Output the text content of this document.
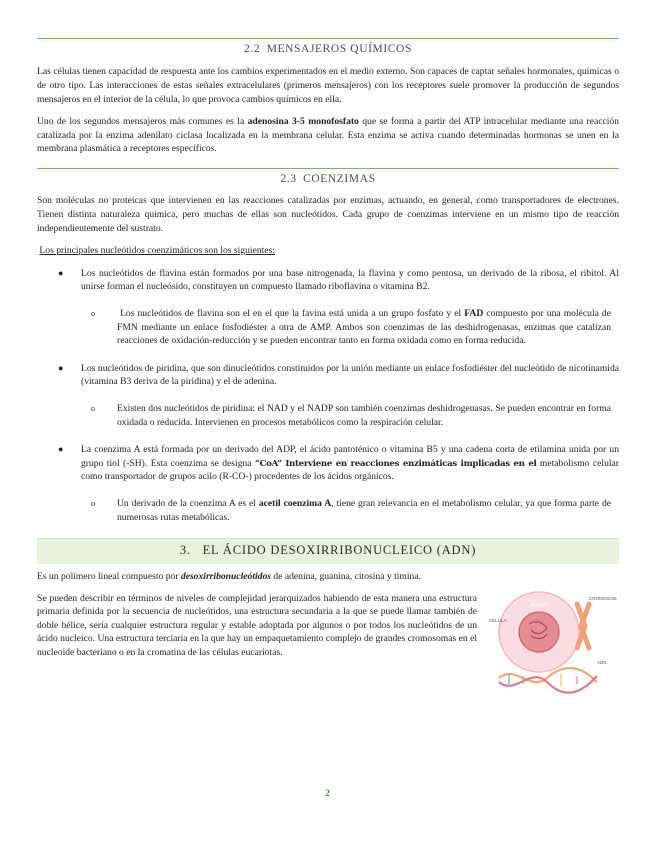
2.2 MENSAJEROS QUÍMICOS

Las células tienen capacidad de respuesta ante los cambios experimentados en el medio externo. Son capaces de captar señales hormonales, químicas o de otro tipo. Las interacciones de estas señales extracelulares (primeros mensajeros) con los receptores suele promover la producción de segundos mensajeros en el interior de la célula, lo que provoca cambios químicos en ella.

Uno de los segundos mensajeros más comunes es la adenosina 3-5 monofosfato que se forma a partir del ATP intracelular mediante una reacción catalizada por la enzima adenilato ciclasa localizada en la membrana celular. Esta enzima se activa cuando determinadas hormonas se unen en la membrana plasmática a receptores específicos.

2.3 COENZIMAS

Son moléculas no proteicas que intervienen en las reacciones catalizadas por enzimas, actuando, en general, como transportadores de electrones. Tienen distinta naturaleza química, pero muchas de ellas son nucleótidos. Cada grupo de coenzimas interviene en un mismo tipo de reacción independientemente del sustrato.

Los principales nucleótidos coenzimáticos son los siguientes:

●	Los nucleótidos de flavina están formados por una base nitrogenada, la flavina y como pentosa, un derivado de la ribosa, el ribitol. Al unirse forman el nucleósido, constituyen un compuesto llamado riboflavina o vitamina B2.
o	Los nucleótidos de flavina son el en el que la favina está unida a un grupo fosfato y el FAD compuesto por una molécula de FMN mediante un enlace fosfodiéster a otra de AMP. Ambos son coenzimas de las deshidrogenasas, enzimas que catalizan reacciones de oxidación-reducción y se pueden encontrar tanto en forma oxidada como en forma reducida.
●	Los nucleótidos de piridina, que son dinucleótidos constituidos por la unión mediante un enlace fosfodiéster del nucleótido de nicotinamida (vitamina B3 deriva de la piridina) y el de adenina.
o	Existen dos nucleótidos de piridina: el NAD y el NADP son también coenzimas deshidrogenasas. Se pueden encontrar en forma oxidada o reducida. Intervienen en procesos metabólicos como la respiración celular.
●	La coenzima A está formada por un derivado del ADP, el ácido pantoténico o vitamina B5 y una cadena corta de etilamina unida por un grupo tiol (-SH). Esta coenzima se designa “CoA” Interviene en reacciones enzimáticas implicadas en el metabolismo celular como transportador de grupos acilo (R-CO-) procedentes de los ácidos orgánicos.
o	Un derivado de la coenzima A es el acetil coenzima A, tiene gran relevancia en el metabolismo celular, ya que forma parte de numerosas rutas metabólicas.
3. EL ÁCIDO DESOXIRRIBONUCLEICO (ADN)

Es un polímero lineal compuesto por desoxirribonucleótidos de adenina, guanina, citosina y timina.

Se pueden describir en términos de niveles de complejidad jerarquizados habiendo de esta manera una estructura primaria definida por la secuencia de nucleótidos, una estructura secundaria a la que se puede llamar también de doble hélice, sería cualquier estructura regular y estable adoptada por algunos o por todos los nucleótidos de un ácido nucleico. Una estructura terciaria en la que hay un empaquetamiento complejo de grandes cromosomas en el nucleoide bacteriano o en la cromatina de las células eucariotas.

NÚCLEO
CROMOSOMA
CÉLULA
ADN
2
